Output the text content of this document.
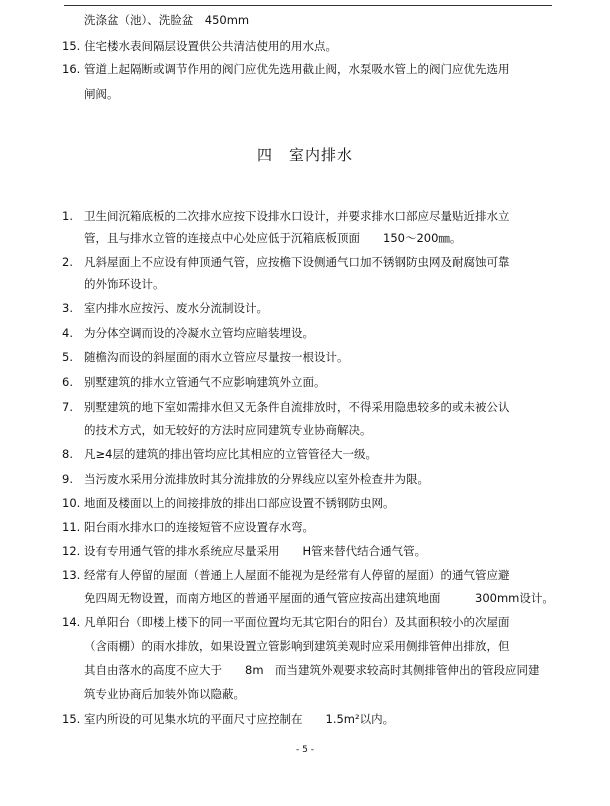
四　室内排水
- 5 -
洗涤盆（池）、洗脸盆　450mm
15. 住宅楼水表间隔层设置供公共清洁使用的用水点。
16. 管道上起隔断或调节作用的阀门应优先选用截止阀，水泵吸水管上的阀门应优先选用
闸阀。
1. 卫生间沉箱底板的二次排水应按下设排水口设计，并要求排水口部应尽量贴近排水立
管，且与排水立管的连接点中心处应低于沉箱底板顶面　　150～200㎜。
2. 凡斜屋面上不应设有伸顶通气管，应按檐下设侧通气口加不锈钢防虫网及耐腐蚀可靠
的外饰环设计。
3. 室内排水应按污、废水分流制设计。
4. 为分体空调而设的冷凝水立管均应暗装埋设。
5. 随檐沟而设的斜屋面的雨水立管应尽量按一根设计。
6. 别墅建筑的排水立管通气不应影响建筑外立面。
7. 别墅建筑的地下室如需排水但又无条件自流排放时，不得采用隐患较多的或未被公认
的技术方式，如无较好的方法时应同建筑专业协商解决。
8. 凡≥4层的建筑的排出管均应比其相应的立管管径大一级。
9. 当污废水采用分流排放时其分流排放的分界线应以室外检查井为限。
10. 地面及楼面以上的间接排放的排出口部应设置不锈钢防虫网。
11. 阳台雨水排水口的连接短管不应设置存水弯。
12. 设有专用通气管的排水系统应尽量采用　　H管来替代结合通气管。
13. 经常有人停留的屋面（普通上人屋面不能视为是经常有人停留的屋面）的通气管应避
免四周无物设置，而南方地区的普通平屋面的通气管应按高出建筑地面　　　300mm设计。
14. 凡单阳台（即楼上楼下的同一平面位置均无其它阳台的阳台）及其面积较小的次屋面
（含雨棚）的雨水排放，如果设置立管影响到建筑美观时应采用侧排管伸出排放，但
其自由落水的高度不应大于　　8m　而当建筑外观要求较高时其侧排管伸出的管段应同建
筑专业协商后加装外饰以隐蔽。
15. 室内所设的可见集水坑的平面尺寸应控制在　　1.5m²以内。
